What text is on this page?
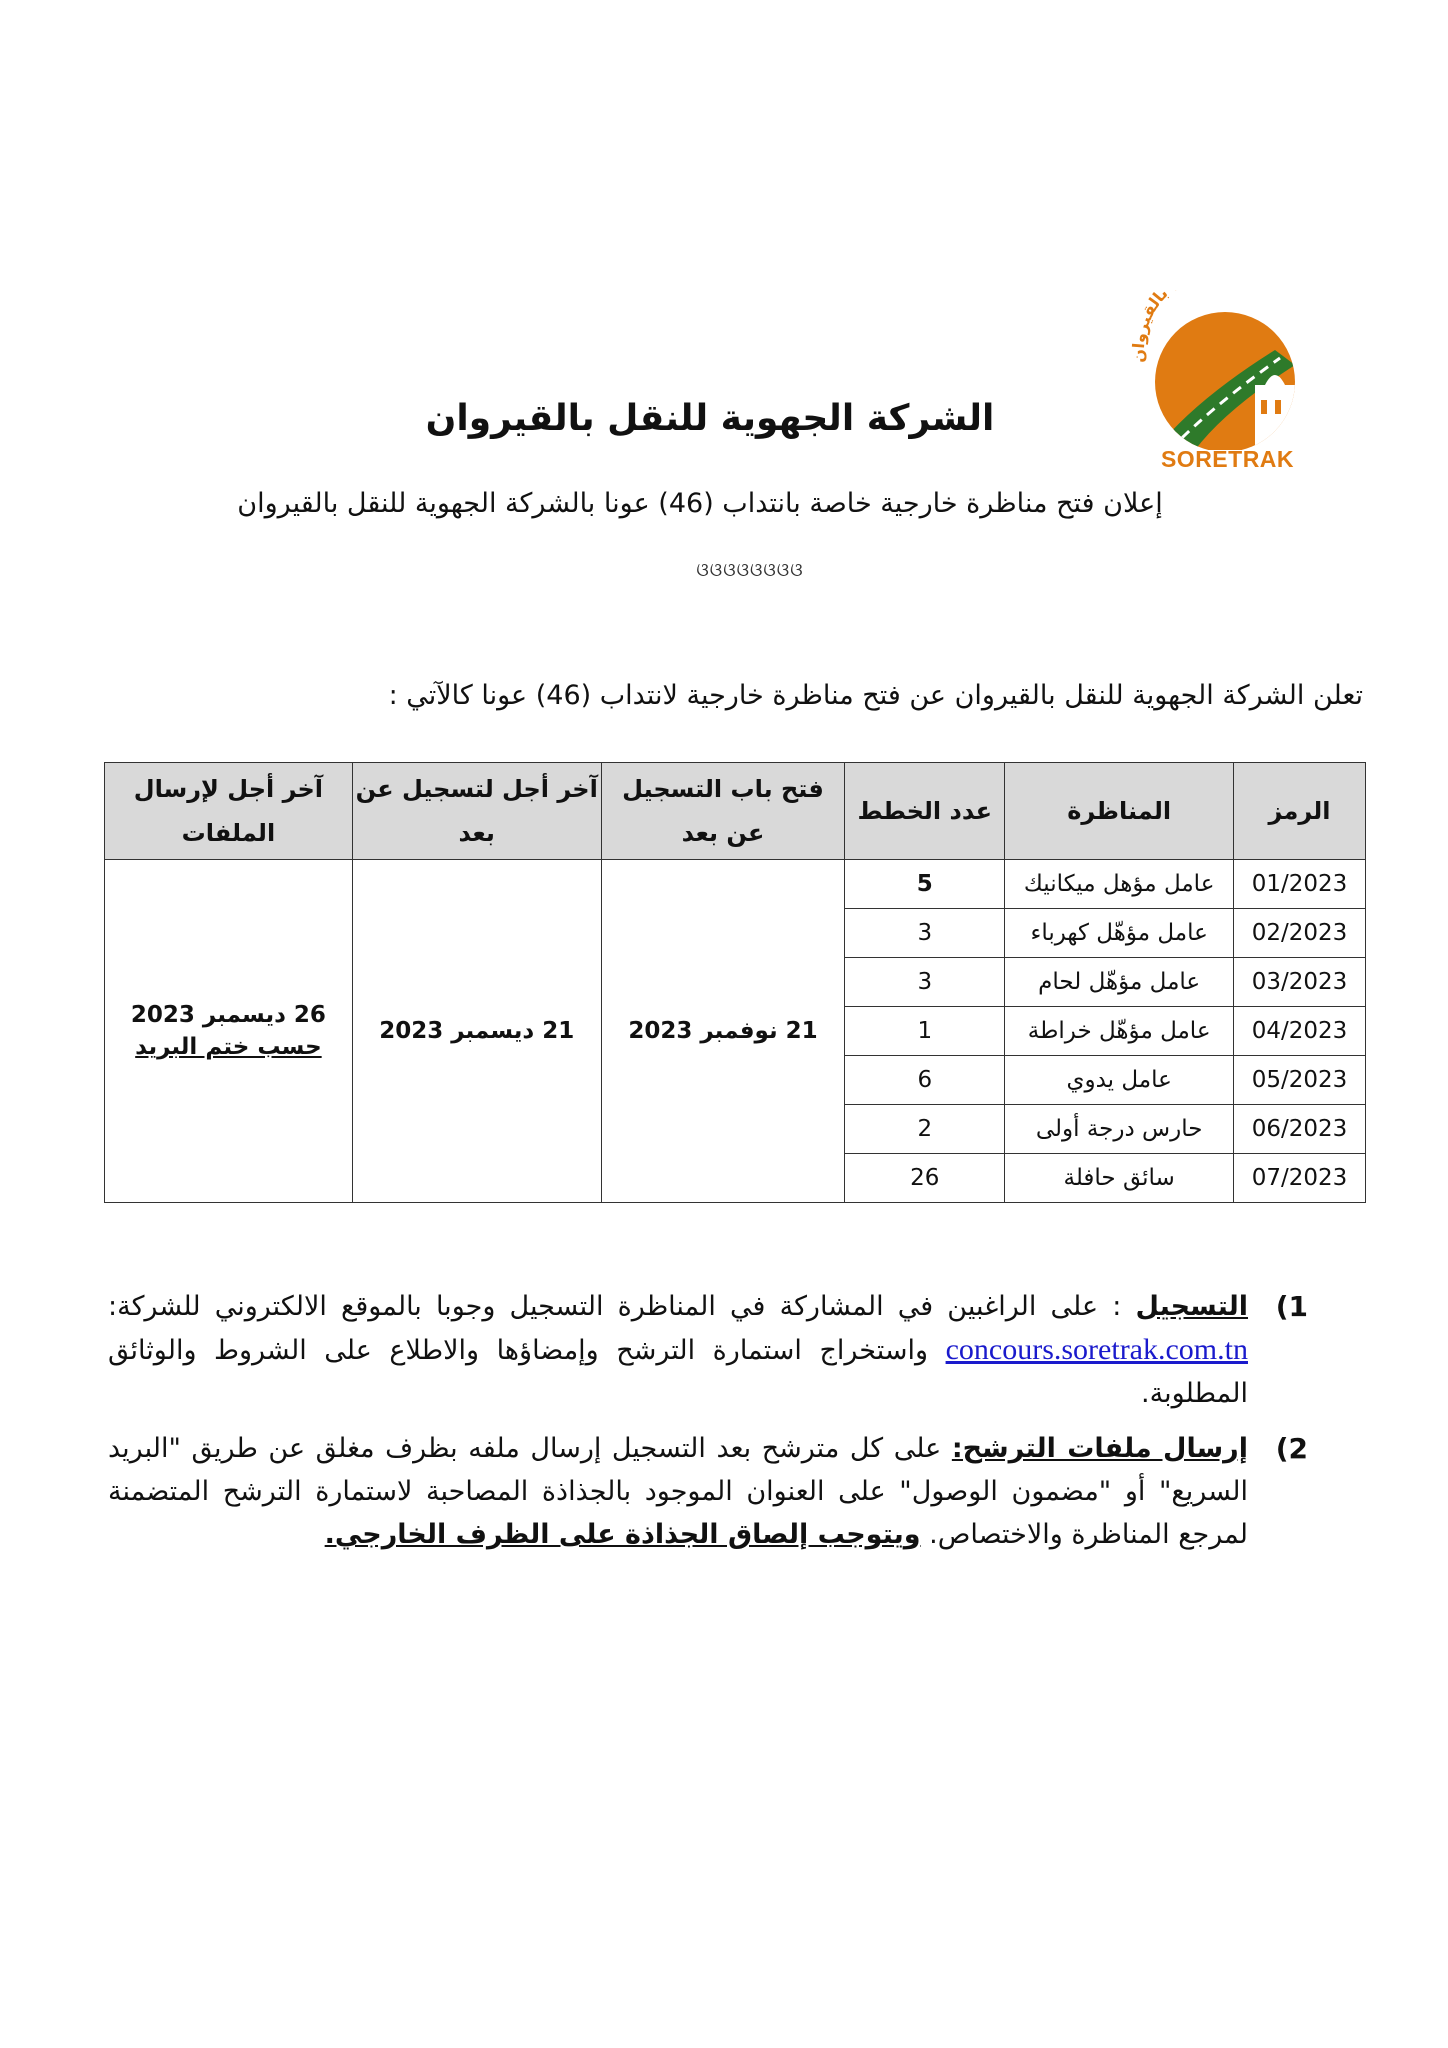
بالقيروان
SORETRAK
الشركة الجهوية للنقل بالقيروان
إعلان فتح مناظرة خارجية خاصة بانتداب (46) عونا بالشركة الجهوية للنقل بالقيروان
ଓଓଓଓଓଓଓଓ
تعلن الشركة الجهوية للنقل بالقيروان عن فتح مناظرة خارجية لانتداب (46) عونا كالآتي :
الرمز	المناظرة	عدد الخطط	فتح باب التسجيل عن بعد	آخر أجل لتسجيل عن بعد	آخر أجل لإرسال الملفات
01/2023	عامل مؤهل ميكانيك	5	21 نوفمبر 2023	21 ديسمبر 2023	26 ديسمبر 2023
حسب ختم البريد

02/2023	عامل مؤهّل كهرباء	3			
03/2023	عامل مؤهّل لحام	3			
04/2023	عامل مؤهّل خراطة	1			
05/2023	عامل يدوي	6			
06/2023	حارس درجة أولى	2			
07/2023	سائق حافلة	26			
1)
التسجيل : على الراغبين في المشاركة في المناظرة التسجيل وجوبا بالموقع الالكتروني للشركة: concours.soretrak.com.tn واستخراج استمارة الترشح وإمضاؤها والاطلاع على الشروط والوثائق المطلوبة.
2)
إرسال ملفات الترشح: على كل مترشح بعد التسجيل إرسال ملفه بظرف مغلق عن طريق "البريد السريع" أو "مضمون الوصول" على العنوان الموجود بالجذاذة المصاحبة لاستمارة الترشح المتضمنة لمرجع المناظرة والاختصاص. ويتوجب إلصاق الجذاذة على الظرف الخارجي.
